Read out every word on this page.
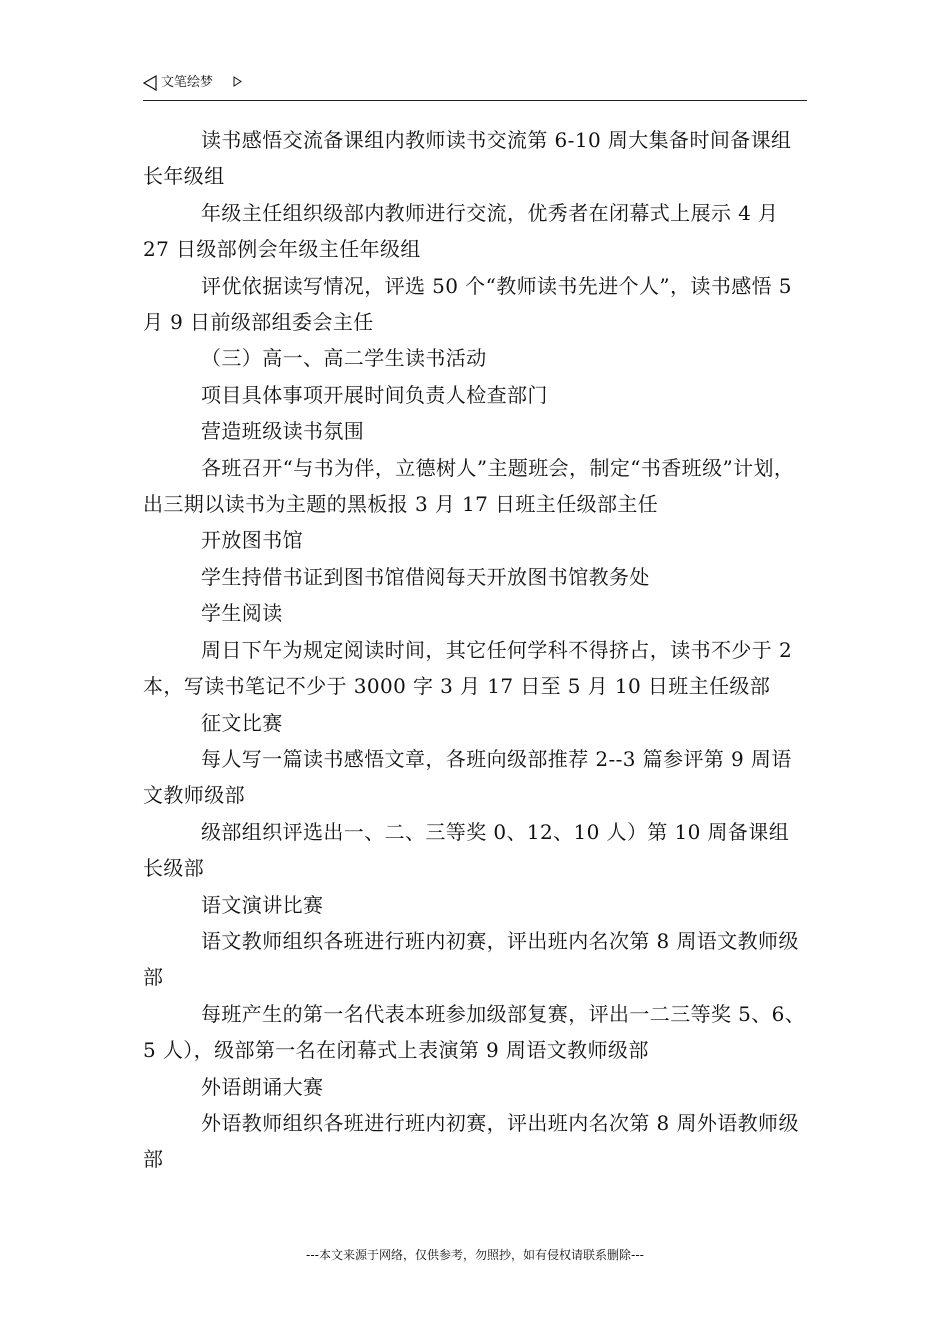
文笔绘梦

读书感悟交流备课组内教师读书交流第 6-10 周大集备时间备课组长年级组

年级主任组织级部内教师进行交流，优秀者在闭幕式上展示 4 月 27 日级部例会年级主任年级组

评优依据读写情况，评选 50 个“教师读书先进个人”，读书感悟 5 月 9 日前级部组委会主任

（三）高一、高二学生读书活动

项目具体事项开展时间负责人检查部门

营造班级读书氛围

各班召开“与书为伴，立德树人”主题班会，制定“书香班级”计划，出三期以读书为主题的黑板报 3 月 17 日班主任级部主任

开放图书馆

学生持借书证到图书馆借阅每天开放图书馆教务处

学生阅读

周日下午为规定阅读时间，其它任何学科不得挤占，读书不少于 2 本，写读书笔记不少于 3000 字 3 月 17 日至 5 月 10 日班主任级部

征文比赛

每人写一篇读书感悟文章，各班向级部推荐 2--3 篇参评第 9 周语文教师级部

级部组织评选出一、二、三等奖 0、12、10 人）第 10 周备课组长级部

语文演讲比赛

语文教师组织各班进行班内初赛，评出班内名次第 8 周语文教师级部

每班产生的第一名代表本班参加级部复赛，评出一二三等奖 5、6、5 人），级部第一名在闭幕式上表演第 9 周语文教师级部

外语朗诵大赛

外语教师组织各班进行班内初赛，评出班内名次第 8 周外语教师级部

---本文来源于网络，仅供参考，勿照抄，如有侵权请联系删除---
